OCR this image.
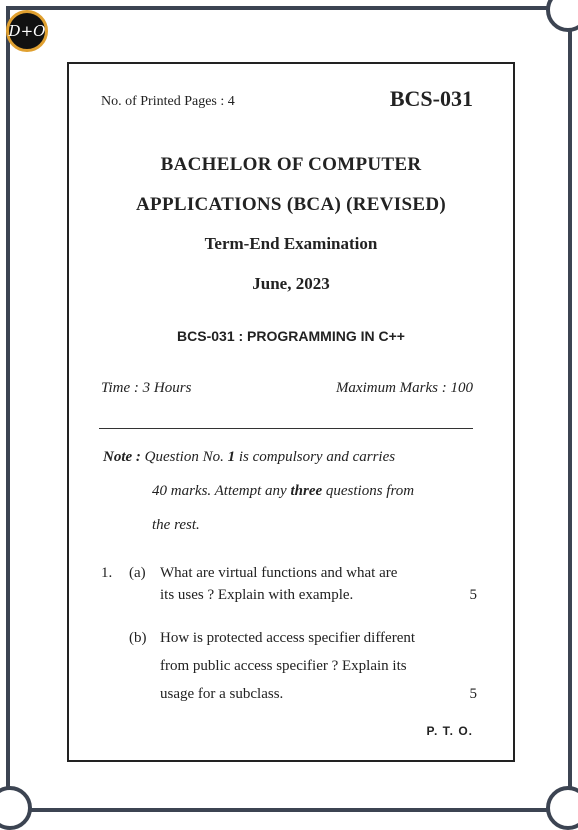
D+O
No. of Printed Pages : 4	BCS-031
BACHELOR OF COMPUTER
APPLICATIONS (BCA) (REVISED)
Term-End Examination
June, 2023
BCS-031 : PROGRAMMING IN C++
Time : 3 Hours	Maximum Marks : 100
Note : Question No. 1 is compulsory and carries
40 marks. Attempt any three questions from
the rest.
1. (a) What are virtual functions and what are
its uses ? Explain with example.	5
(b) How is protected access specifier different
from public access specifier ? Explain its
usage for a subclass.	5
P. T. O.
